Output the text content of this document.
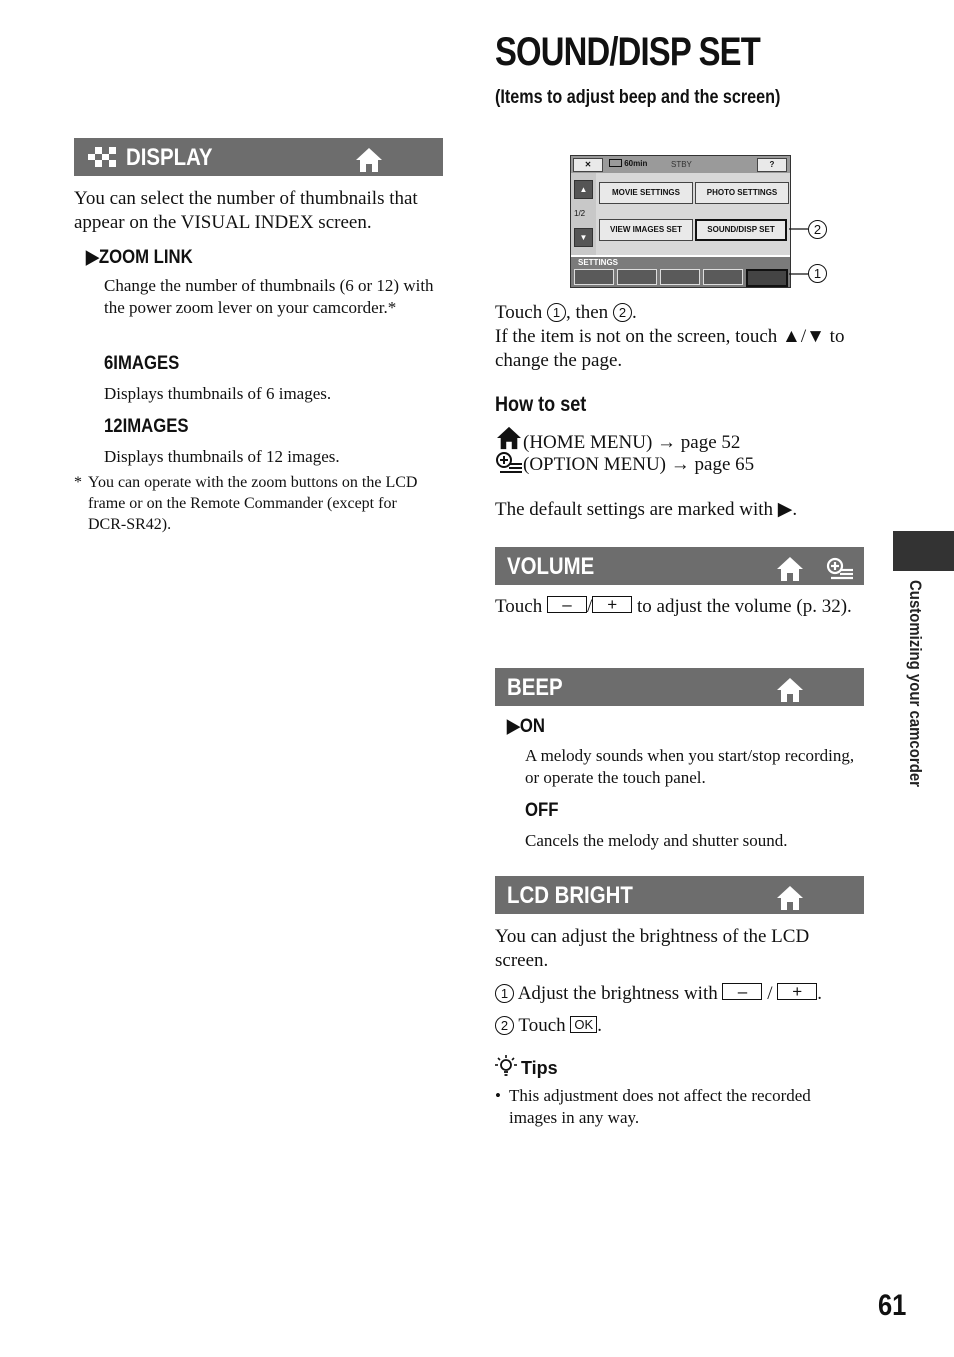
SOUND/DISP SET
(Items to adjust beep and the screen)
DISPLAY
You can select the number of thumbnails that appear on the VISUAL INDEX screen.
▶ZOOM LINK
Change the number of thumbnails (6 or 12) with the power zoom lever on your camcorder.*
6IMAGES
Displays thumbnails of 6 images.
12IMAGES
Displays thumbnails of 12 images.
* You can operate with the zoom buttons on the LCD frame or on the Remote Commander (except for DCR-SR42).
✕	60min	STBY	?
▲
1/2
▼
MOVIE SETTINGS	PHOTO SETTINGS
VIEW IMAGES SET	SOUND/DISP SET
SETTINGS
2
1
Touch 1 , then 2 .
If the item is not on the screen, touch ▲/▼ to change the page.
How to set
(HOME MENU) → page 52
(OPTION MENU) → page 65
The default settings are marked with ▶.
VOLUME
Touch	– / +	to adjust the volume (p. 32).
BEEP
▶ON
A melody sounds when you start/stop recording, or operate the touch panel.
OFF
Cancels the melody and shutter sound.
LCD BRIGHT
You can adjust the brightness of the LCD screen.
1 Adjust the brightness with	–	/	+ .
2 Touch OK .
Tips
• This adjustment does not affect the recorded images in any way.
Customizing your camcorder
61
